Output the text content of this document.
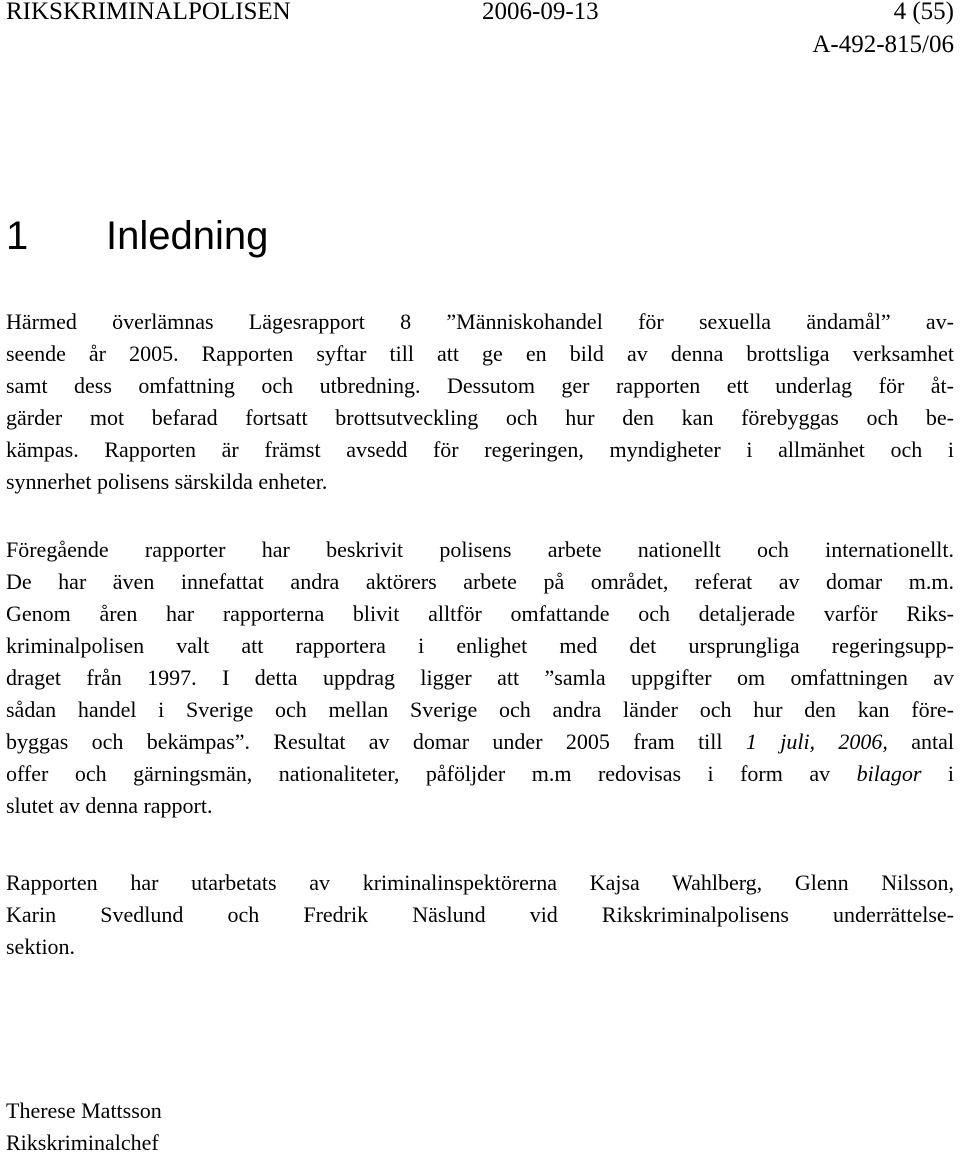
RIKSKRIMINALPOLISEN	2006-09-13	4 (55)
A-492-815/06
1 Inledning
Härmed överlämnas Lägesrapport 8 ”Människohandel för sexuella ändamål” av-
seende år 2005. Rapporten syftar till att ge en bild av denna brottsliga verksamhet
samt dess omfattning och utbredning. Dessutom ger rapporten ett underlag för åt-
gärder mot befarad fortsatt brottsutveckling och hur den kan förebyggas och be-
kämpas. Rapporten är främst avsedd för regeringen, myndigheter i allmänhet och i
synnerhet polisens särskilda enheter.
Föregående rapporter har beskrivit polisens arbete nationellt och internationellt.
De har även innefattat andra aktörers arbete på området, referat av domar m.m.
Genom åren har rapporterna blivit alltför omfattande och detaljerade varför Riks-
kriminalpolisen valt att rapportera i enlighet med det ursprungliga regeringsupp-
draget från 1997. I detta uppdrag ligger att ”samla uppgifter om omfattningen av
sådan handel i Sverige och mellan Sverige och andra länder och hur den kan före-
byggas och bekämpas”. Resultat av domar under 2005 fram till 1 juli, 2006, antal
offer och gärningsmän, nationaliteter, påföljder m.m redovisas i form av bilagor i
slutet av denna rapport.
Rapporten har utarbetats av kriminalinspektörerna Kajsa Wahlberg, Glenn Nilsson,
Karin Svedlund och Fredrik Näslund vid Rikskriminalpolisens underrättelse-
sektion.
Therese Mattsson
Rikskriminalchef
